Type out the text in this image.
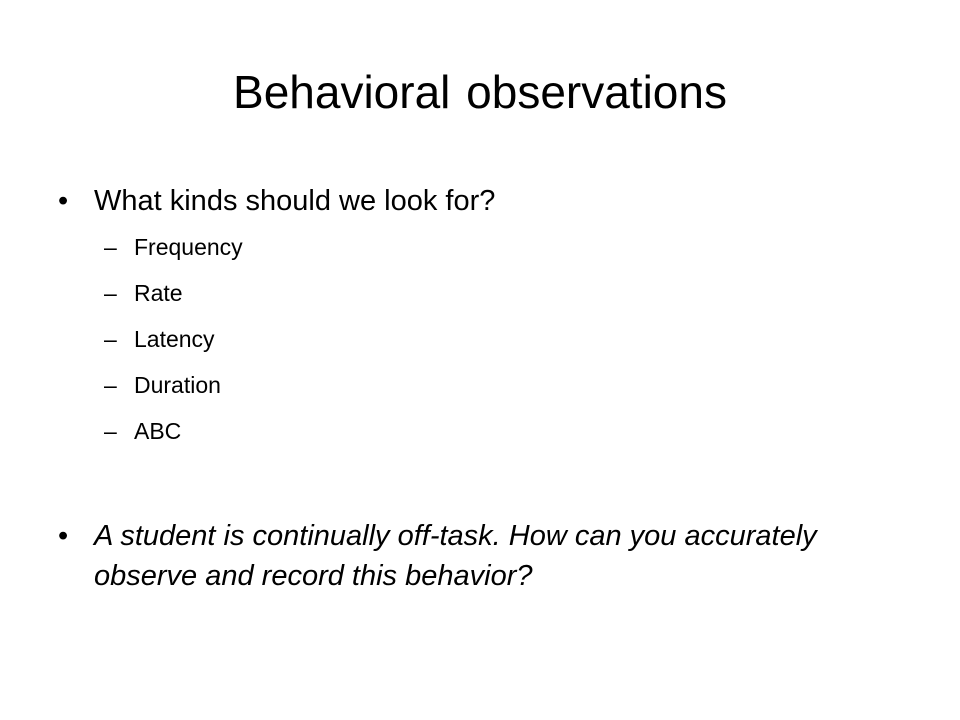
Behavioral observations
• What kinds should we look for?
– Frequency
– Rate
– Latency
– Duration
– ABC
• A student is continually off-task. How can you accurately observe and record this behavior?
